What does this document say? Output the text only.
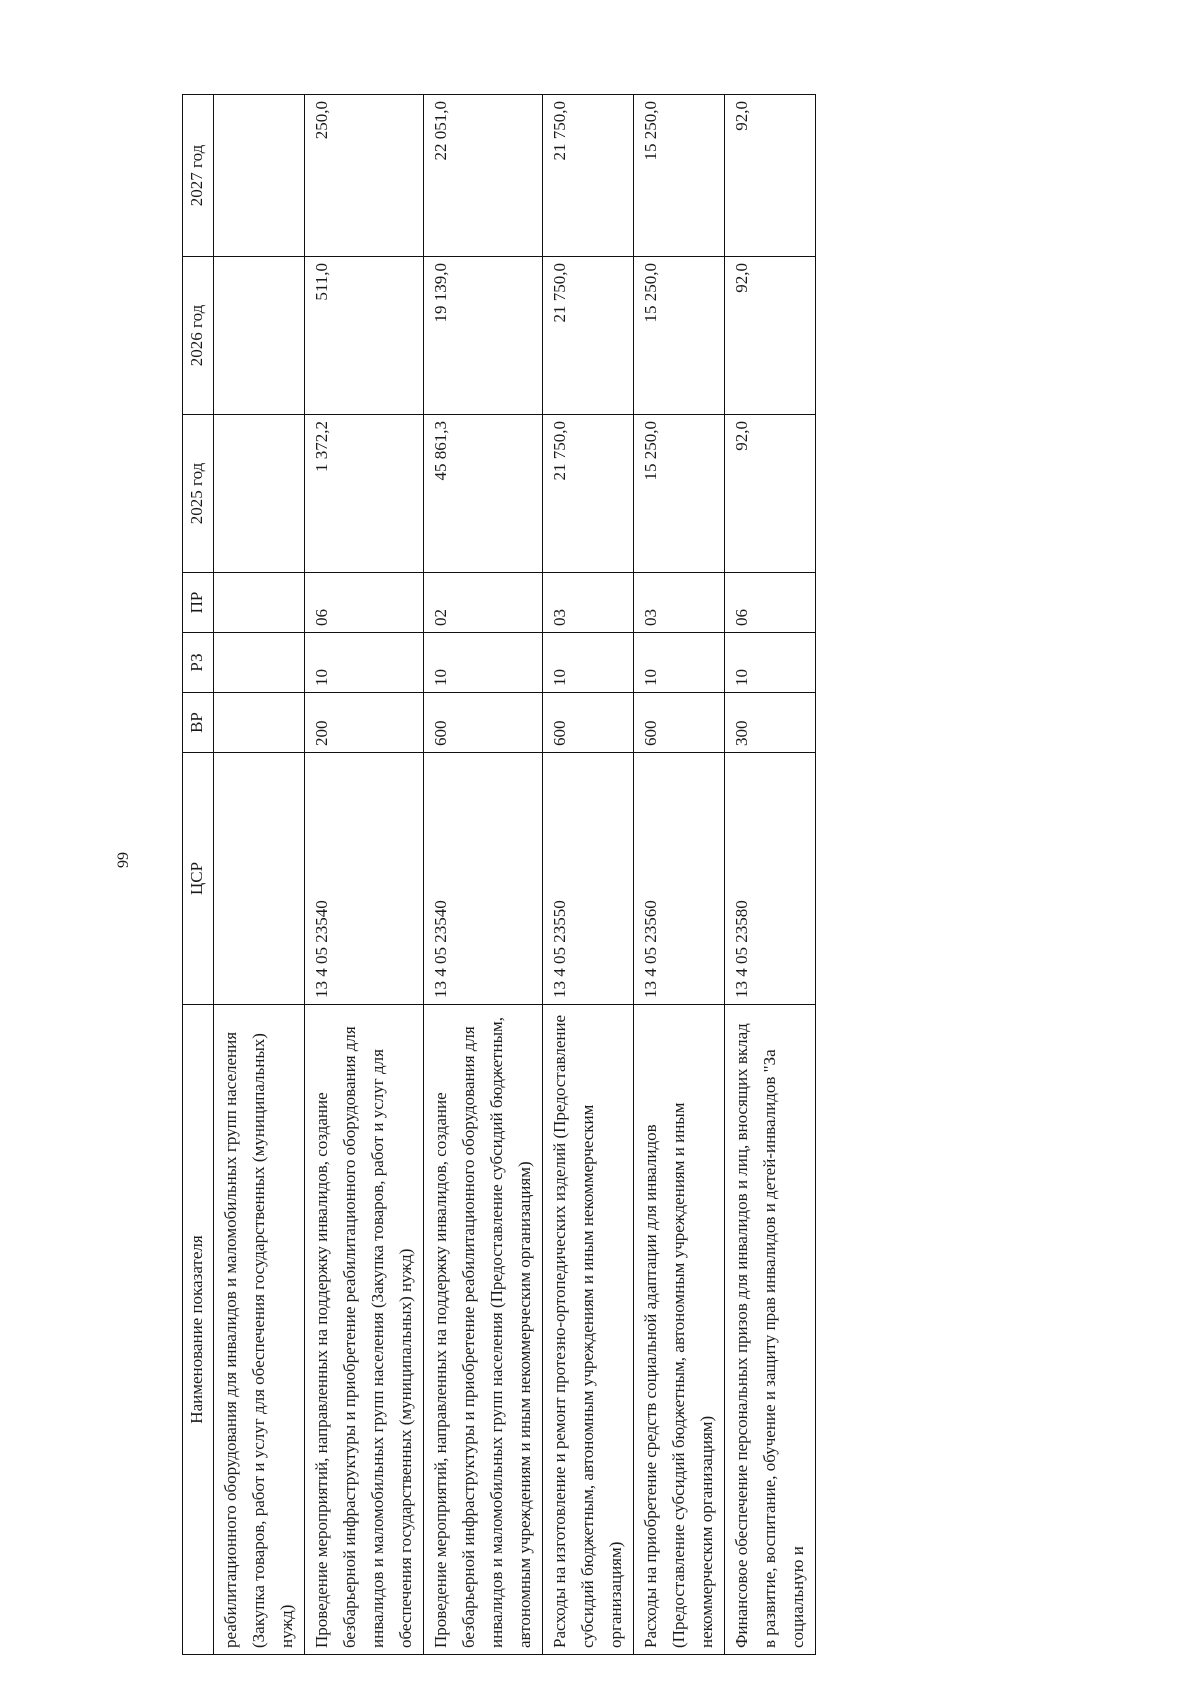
99
Наименование показателя	ЦСР	ВР	РЗ	ПР	2025 год	2026 год	2027 год
реабилитационного оборудования для инвалидов и маломобильных групп населения (Закупка товаров, работ и услуг для обеспечения государственных (муниципальных) нужд)							
Проведение мероприятий, направленных на поддержку инвалидов, создание безбарьерной инфраструктуры и приобретение реабилитационного оборудования для инвалидов и маломобильных групп населения (Закупка товаров, работ и услуг для обеспечения государственных (муниципальных) нужд)	13 4 05 23540	200	10	06	1 372,2	511,0	250,0
Проведение мероприятий, направленных на поддержку инвалидов, создание безбарьерной инфраструктуры и приобретение реабилитационного оборудования для инвалидов и маломобильных групп населения (Предоставление субсидий бюджетным, автономным учреждениям и иным некоммерческим организациям)	13 4 05 23540	600	10	02	45 861,3	19 139,0	22 051,0
Расходы на изготовление и ремонт протезно-ортопедических изделий (Предоставление субсидий бюджетным, автономным учреждениям и иным некоммерческим организациям)	13 4 05 23550	600	10	03	21 750,0	21 750,0	21 750,0
Расходы на приобретение средств социальной адаптации для инвалидов (Предоставление субсидий бюджетным, автономным учреждениям и иным некоммерческим организациям)	13 4 05 23560	600	10	03	15 250,0	15 250,0	15 250,0
Финансовое обеспечение персональных призов для инвалидов и лиц, вносящих вклад в развитие, воспитание, обучение и защиту прав инвалидов и детей-инвалидов "За социальную и	13 4 05 23580	300	10	06	92,0	92,0	92,0
